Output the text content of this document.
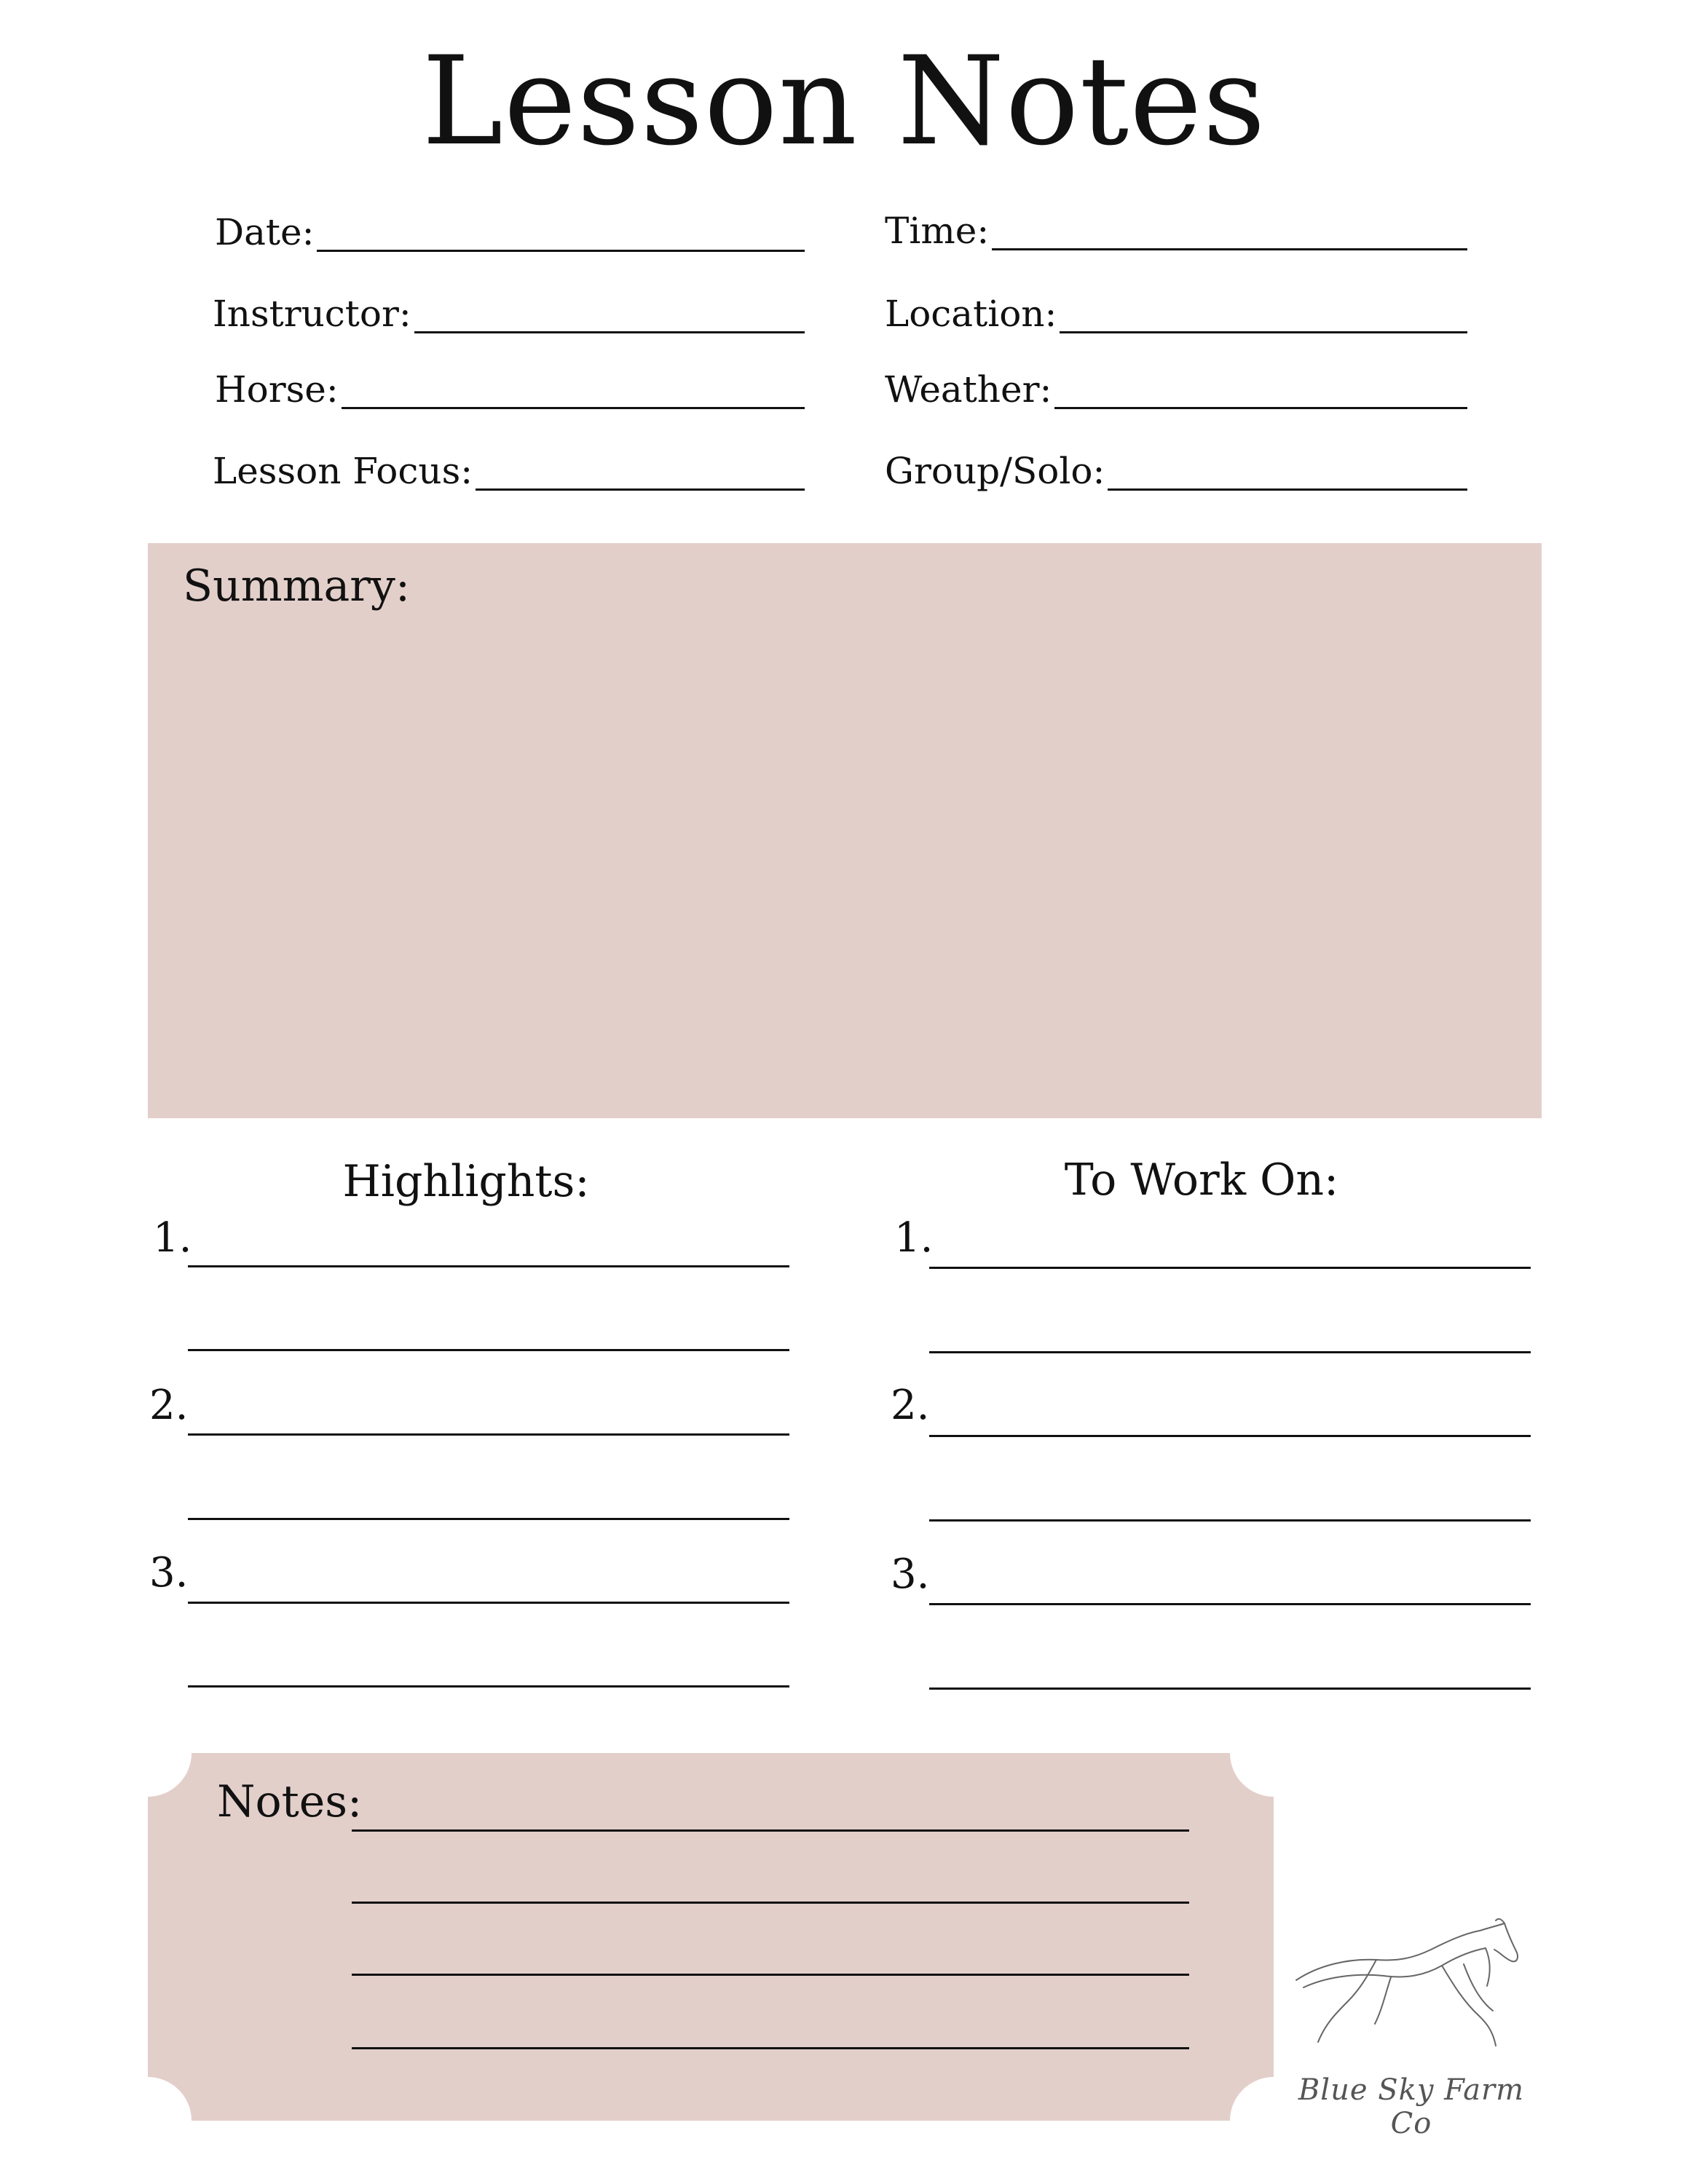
Lesson Notes
Date:	Time:
Instructor:	Location:
Horse:	Weather:
Lesson Focus:	Group/Solo:
Summary:
Highlights:	To Work On:
1.
2.
3.
1.
2.
3.
Notes:
Blue Sky Farm Co
